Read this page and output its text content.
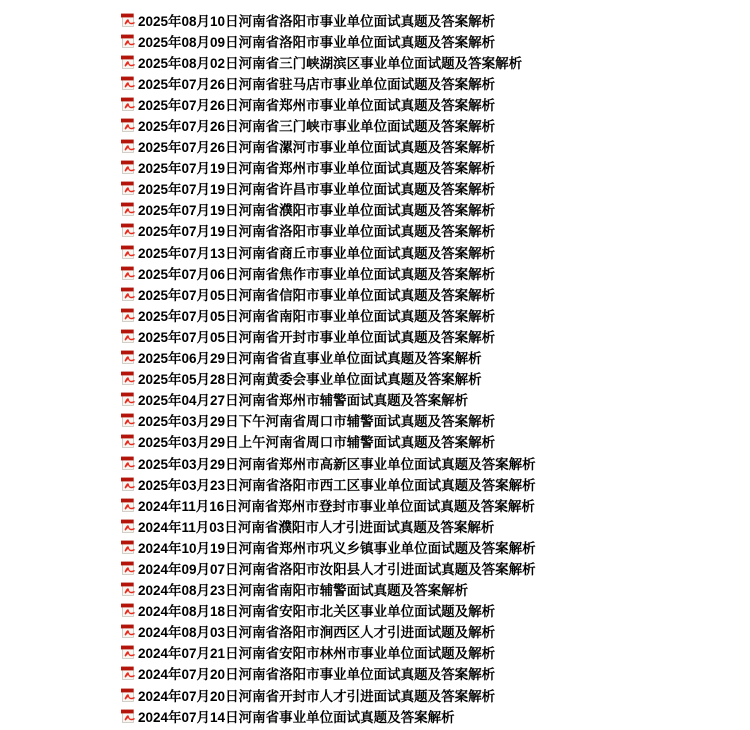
2025年08月10日河南省洛阳市事业单位面试真题及答案解析
2025年08月09日河南省洛阳市事业单位面试真题及答案解析
2025年08月02日河南省三门峡湖滨区事业单位面试题及答案解析
2025年07月26日河南省驻马店市事业单位面试题及答案解析
2025年07月26日河南省郑州市事业单位面试真题及答案解析
2025年07月26日河南省三门峡市事业单位面试题及答案解析
2025年07月26日河南省漯河市事业单位面试真题及答案解析
2025年07月19日河南省郑州市事业单位面试真题及答案解析
2025年07月19日河南省许昌市事业单位面试真题及答案解析
2025年07月19日河南省濮阳市事业单位面试真题及答案解析
2025年07月19日河南省洛阳市事业单位面试真题及答案解析
2025年07月13日河南省商丘市事业单位面试真题及答案解析
2025年07月06日河南省焦作市事业单位面试真题及答案解析
2025年07月05日河南省信阳市事业单位面试真题及答案解析
2025年07月05日河南省南阳市事业单位面试真题及答案解析
2025年07月05日河南省开封市事业单位面试真题及答案解析
2025年06月29日河南省省直事业单位面试真题及答案解析
2025年05月28日河南黄委会事业单位面试真题及答案解析
2025年04月27日河南省郑州市辅警面试真题及答案解析
2025年03月29日下午河南省周口市辅警面试真题及答案解析
2025年03月29日上午河南省周口市辅警面试真题及答案解析
2025年03月29日河南省郑州市高新区事业单位面试真题及答案解析
2025年03月23日河南省洛阳市西工区事业单位面试真题及答案解析
2024年11月16日河南省郑州市登封市事业单位面试真题及答案解析
2024年11月03日河南省濮阳市人才引进面试真题及答案解析
2024年10月19日河南省郑州市巩义乡镇事业单位面试题及答案解析
2024年09月07日河南省洛阳市汝阳县人才引进面试真题及答案解析
2024年08月23日河南省南阳市辅警面试真题及答案解析
2024年08月18日河南省安阳市北关区事业单位面试题及解析
2024年08月03日河南省洛阳市涧西区人才引进面试题及解析
2024年07月21日河南省安阳市林州市事业单位面试题及解析
2024年07月20日河南省洛阳市事业单位面试真题及答案解析
2024年07月20日河南省开封市人才引进面试真题及答案解析
2024年07月14日河南省事业单位面试真题及答案解析
